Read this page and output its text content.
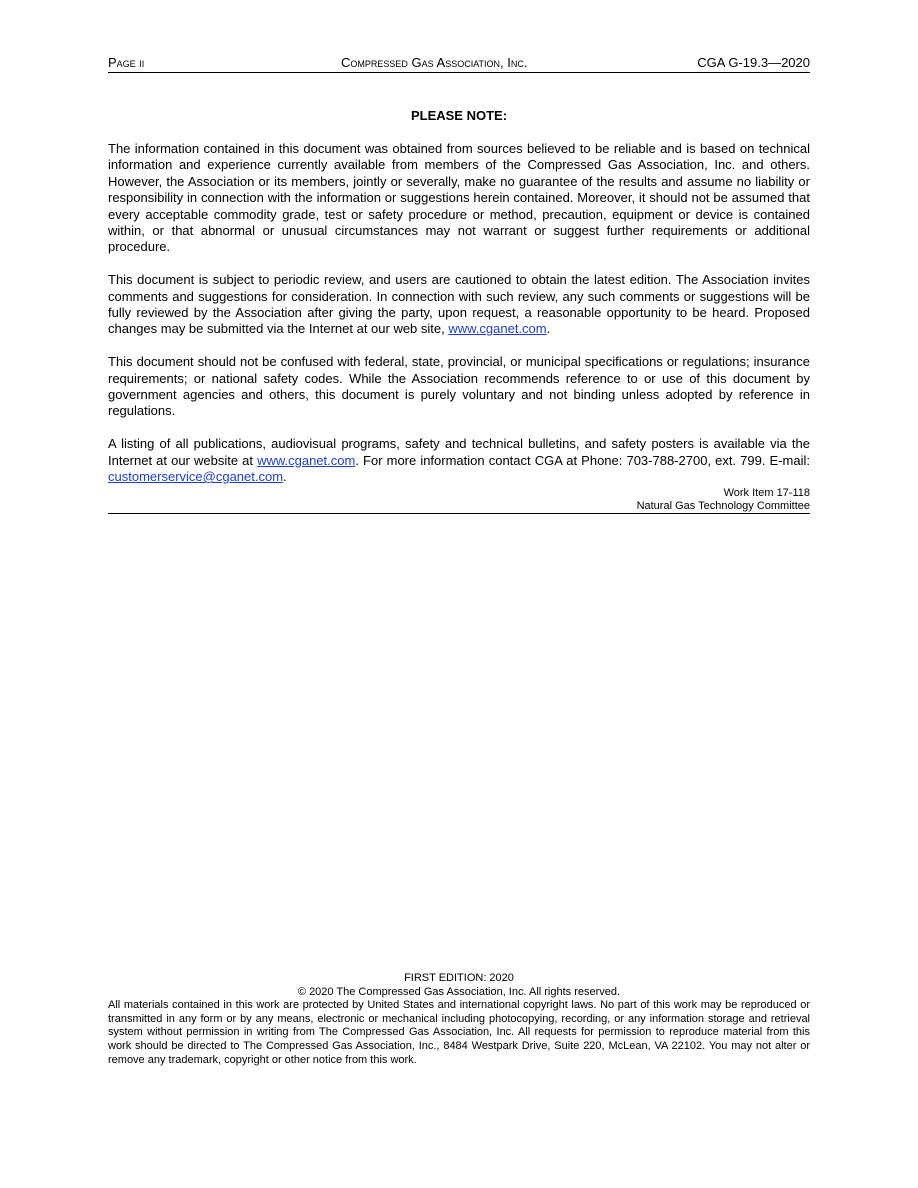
Page ii	Compressed Gas Association, Inc.	CGA G-19.3—2020
PLEASE NOTE:

The information contained in this document was obtained from sources believed to be reliable and is based on technical information and experience currently available from members of the Compressed Gas Association, Inc. and others. However, the Association or its members, jointly or severally, make no guarantee of the results and assume no liability or responsibility in connection with the information or suggestions herein contained. Moreover, it should not be assumed that every acceptable commodity grade, test or safety procedure or method, precaution, equipment or device is contained within, or that abnormal or unusual circumstances may not warrant or suggest further requirements or additional procedure.

This document is subject to periodic review, and users are cautioned to obtain the latest edition. The Association invites comments and suggestions for consideration. In connection with such review, any such comments or suggestions will be fully reviewed by the Association after giving the party, upon request, a reasonable opportunity to be heard. Proposed changes may be submitted via the Internet at our web site, www.cganet.com.

This document should not be confused with federal, state, provincial, or municipal specifications or regulations; insurance requirements; or national safety codes. While the Association recommends reference to or use of this document by government agencies and others, this document is purely voluntary and not binding unless adopted by reference in regulations.

A listing of all publications, audiovisual programs, safety and technical bulletins, and safety posters is available via the Internet at our website at www.cganet.com. For more information contact CGA at Phone: 703-788-2700, ext. 799. E-mail: customerservice@cganet.com.

Work Item 17-118
Natural Gas Technology Committee
FIRST EDITION: 2020
© 2020 The Compressed Gas Association, Inc. All rights reserved.

All materials contained in this work are protected by United States and international copyright laws. No part of this work may be reproduced or transmitted in any form or by any means, electronic or mechanical including photocopying, recording, or any information storage and retrieval system without permission in writing from The Compressed Gas Association, Inc. All requests for permission to reproduce material from this work should be directed to The Compressed Gas Association, Inc., 8484 Westpark Drive, Suite 220, McLean, VA 22102. You may not alter or remove any trademark, copyright or other notice from this work.
